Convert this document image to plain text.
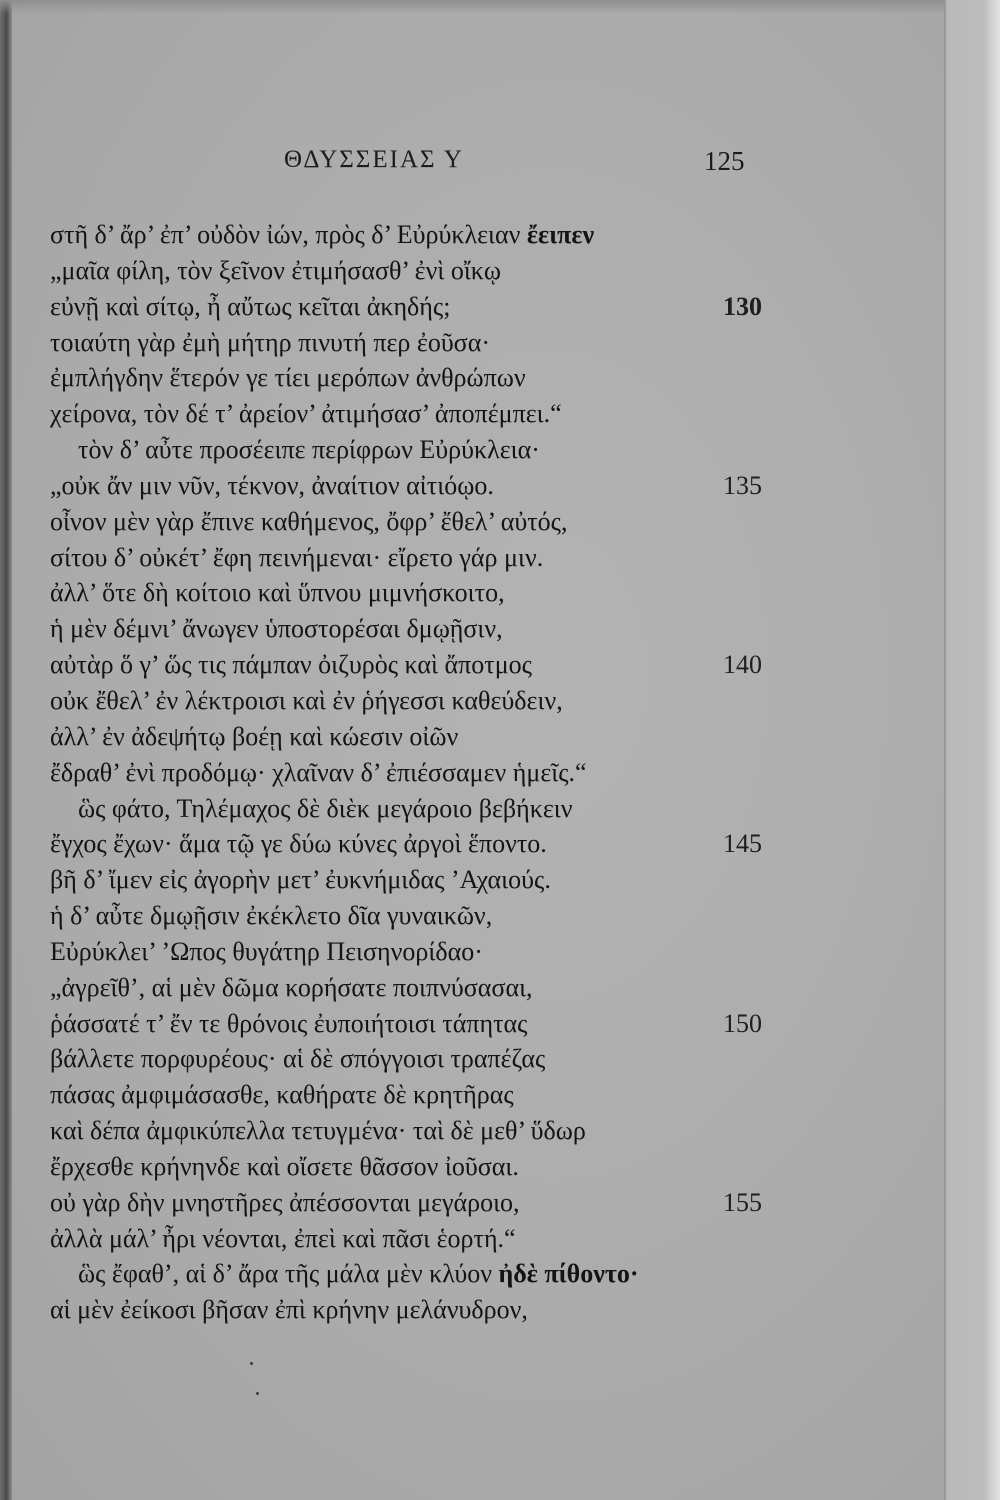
ΘΔΥΣΣΕΙΑΣ Υ	125
στῆ δ’ ἄρ’ ἐπ’ οὐδὸν ἰών, πρὸς δ’ Εὐρύκλειαν ἔειπεν
„μαῖα φίλη, τὸν ξεῖνον ἐτιμήσασθ’ ἐνὶ οἴκῳ
εὐνῇ καὶ σίτῳ, ἦ αὔτως κεῖται ἀκηδής;	130
τοιαύτη γὰρ ἐμὴ μήτηρ πινυτή περ ἐοῦσα·
ἐμπλήγδην ἕτερόν γε τίει μερόπων ἀνθρώπων
χείρονα, τὸν δέ τ’ ἀρείον’ ἀτιμήσασ’ ἀποπέμπει.“
τὸν δ’ αὖτε προσέειπε περίφρων Εὐρύκλεια·
„οὐκ ἄν μιν νῦν, τέκνον, ἀναίτιον αἰτιόῳο.	135
οἶνον μὲν γὰρ ἔπινε καθήμενος, ὄφρ’ ἔθελ’ αὐτός,
σίτου δ’ οὐκέτ’ ἔφη πεινήμεναι· εἴρετο γάρ μιν.
ἀλλ’ ὅτε δὴ κοίτοιο καὶ ὕπνου μιμνήσκοιτο,
ἡ μὲν δέμνι’ ἄνωγεν ὑποστορέσαι δμῳῇσιν,
αὐτὰρ ὅ γ’ ὥς τις πάμπαν ὀιζυρὸς καὶ ἄποτμος	140
οὐκ ἔθελ’ ἐν λέκτροισι καὶ ἐν ῥήγεσσι καθεύδειν,
ἀλλ’ ἐν ἀδεψήτῳ βοέῃ καὶ κώεσιν οἰῶν
ἔδραθ’ ἐνὶ προδόμῳ· χλαῖναν δ’ ἐπιέσσαμεν ἡμεῖς.“
ὣς φάτο, Τηλέμαχος δὲ διὲκ μεγάροιο βεβήκειν
ἔγχος ἔχων· ἅμα τῷ γε δύω κύνες ἀργοὶ ἕποντο.	145
βῆ δ’ ἴμεν εἰς ἀγορὴν μετ’ ἐυκνήμιδας ’Αχαιούς.
ἡ δ’ αὖτε δμῳῇσιν ἐκέκλετο δῖα γυναικῶν,
Εὐρύκλει’ ’Ωπος θυγάτηρ Πεισηνορίδαο·
„ἀγρεῖθ’, αἱ μὲν δῶμα κορήσατε ποιπνύσασαι,
ῥάσσατέ τ’ ἔν τε θρόνοις ἐυποιήτοισι τάπητας	150
βάλλετε πορφυρέους· αἱ δὲ σπόγγοισι τραπέζας
πάσας ἀμφιμάσασθε, καθήρατε δὲ κρητῆρας
καὶ δέπα ἀμφικύπελλα τετυγμένα· ταὶ δὲ μεθ’ ὕδωρ
ἔρχεσθε κρήνηνδε καὶ οἴσετε θᾶσσον ἰοῦσαι.
οὐ γὰρ δὴν μνηστῆρες ἀπέσσονται μεγάροιο,	155
ἀλλὰ μάλ’ ἦρι νέονται, ἐπεὶ καὶ πᾶσι ἑορτή.“
ὣς ἔφαθ’, αἱ δ’ ἄρα τῆς μάλα μὲν κλύον ἠδὲ πίθοντο·
αἱ μὲν ἐείκοσι βῆσαν ἐπὶ κρήνην μελάνυδρον,
